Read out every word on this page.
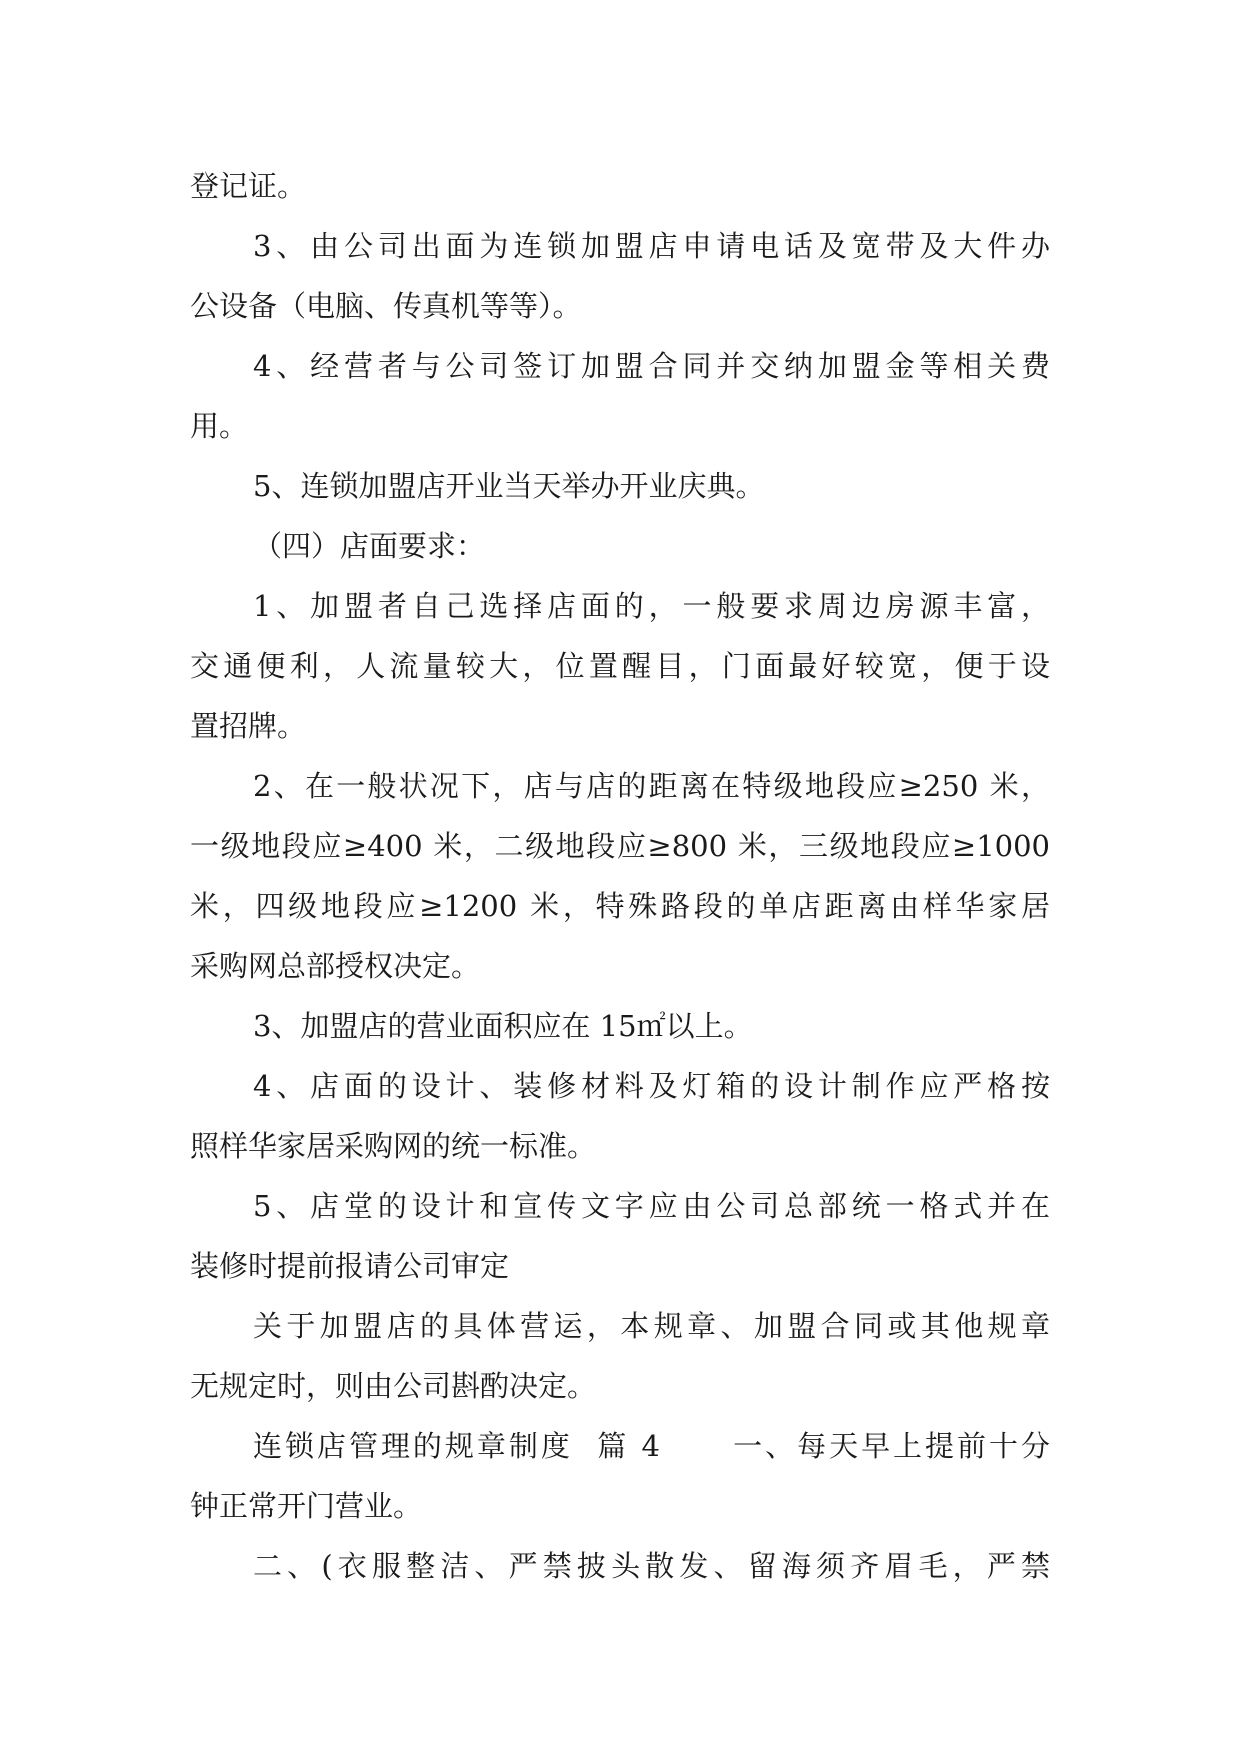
登记证。

3、由公司出面为连锁加盟店申请电话及宽带及大件办

公设备（电脑、传真机等等）。

4、经营者与公司签订加盟合同并交纳加盟金等相关费

用。

5、连锁加盟店开业当天举办开业庆典。

（四）店面要求：

1、加盟者自己选择店面的，一般要求周边房源丰富，

交通便利，人流量较大，位置醒目，门面最好较宽，便于设

置招牌。

2、在一般状况下，店与店的距离在特级地段应≥250 米，

一级地段应≥400 米，二级地段应≥800 米，三级地段应≥1000

米，四级地段应≥1200 米，特殊路段的单店距离由样华家居

采购网总部授权决定。

3、加盟店的营业面积应在 15㎡以上。

4、店面的设计、装修材料及灯箱的设计制作应严格按

照样华家居采购网的统一标准。

5、店堂的设计和宣传文字应由公司总部统一格式并在

装修时提前报请公司审定

关于加盟店的具体营运，本规章、加盟合同或其他规章

无规定时，则由公司斟酌决定。

连锁店管理的规章制度  篇 4      一、每天早上提前十分

钟正常开门营业。

二、(衣服整洁、严禁披头散发、留海须齐眉毛，严禁
